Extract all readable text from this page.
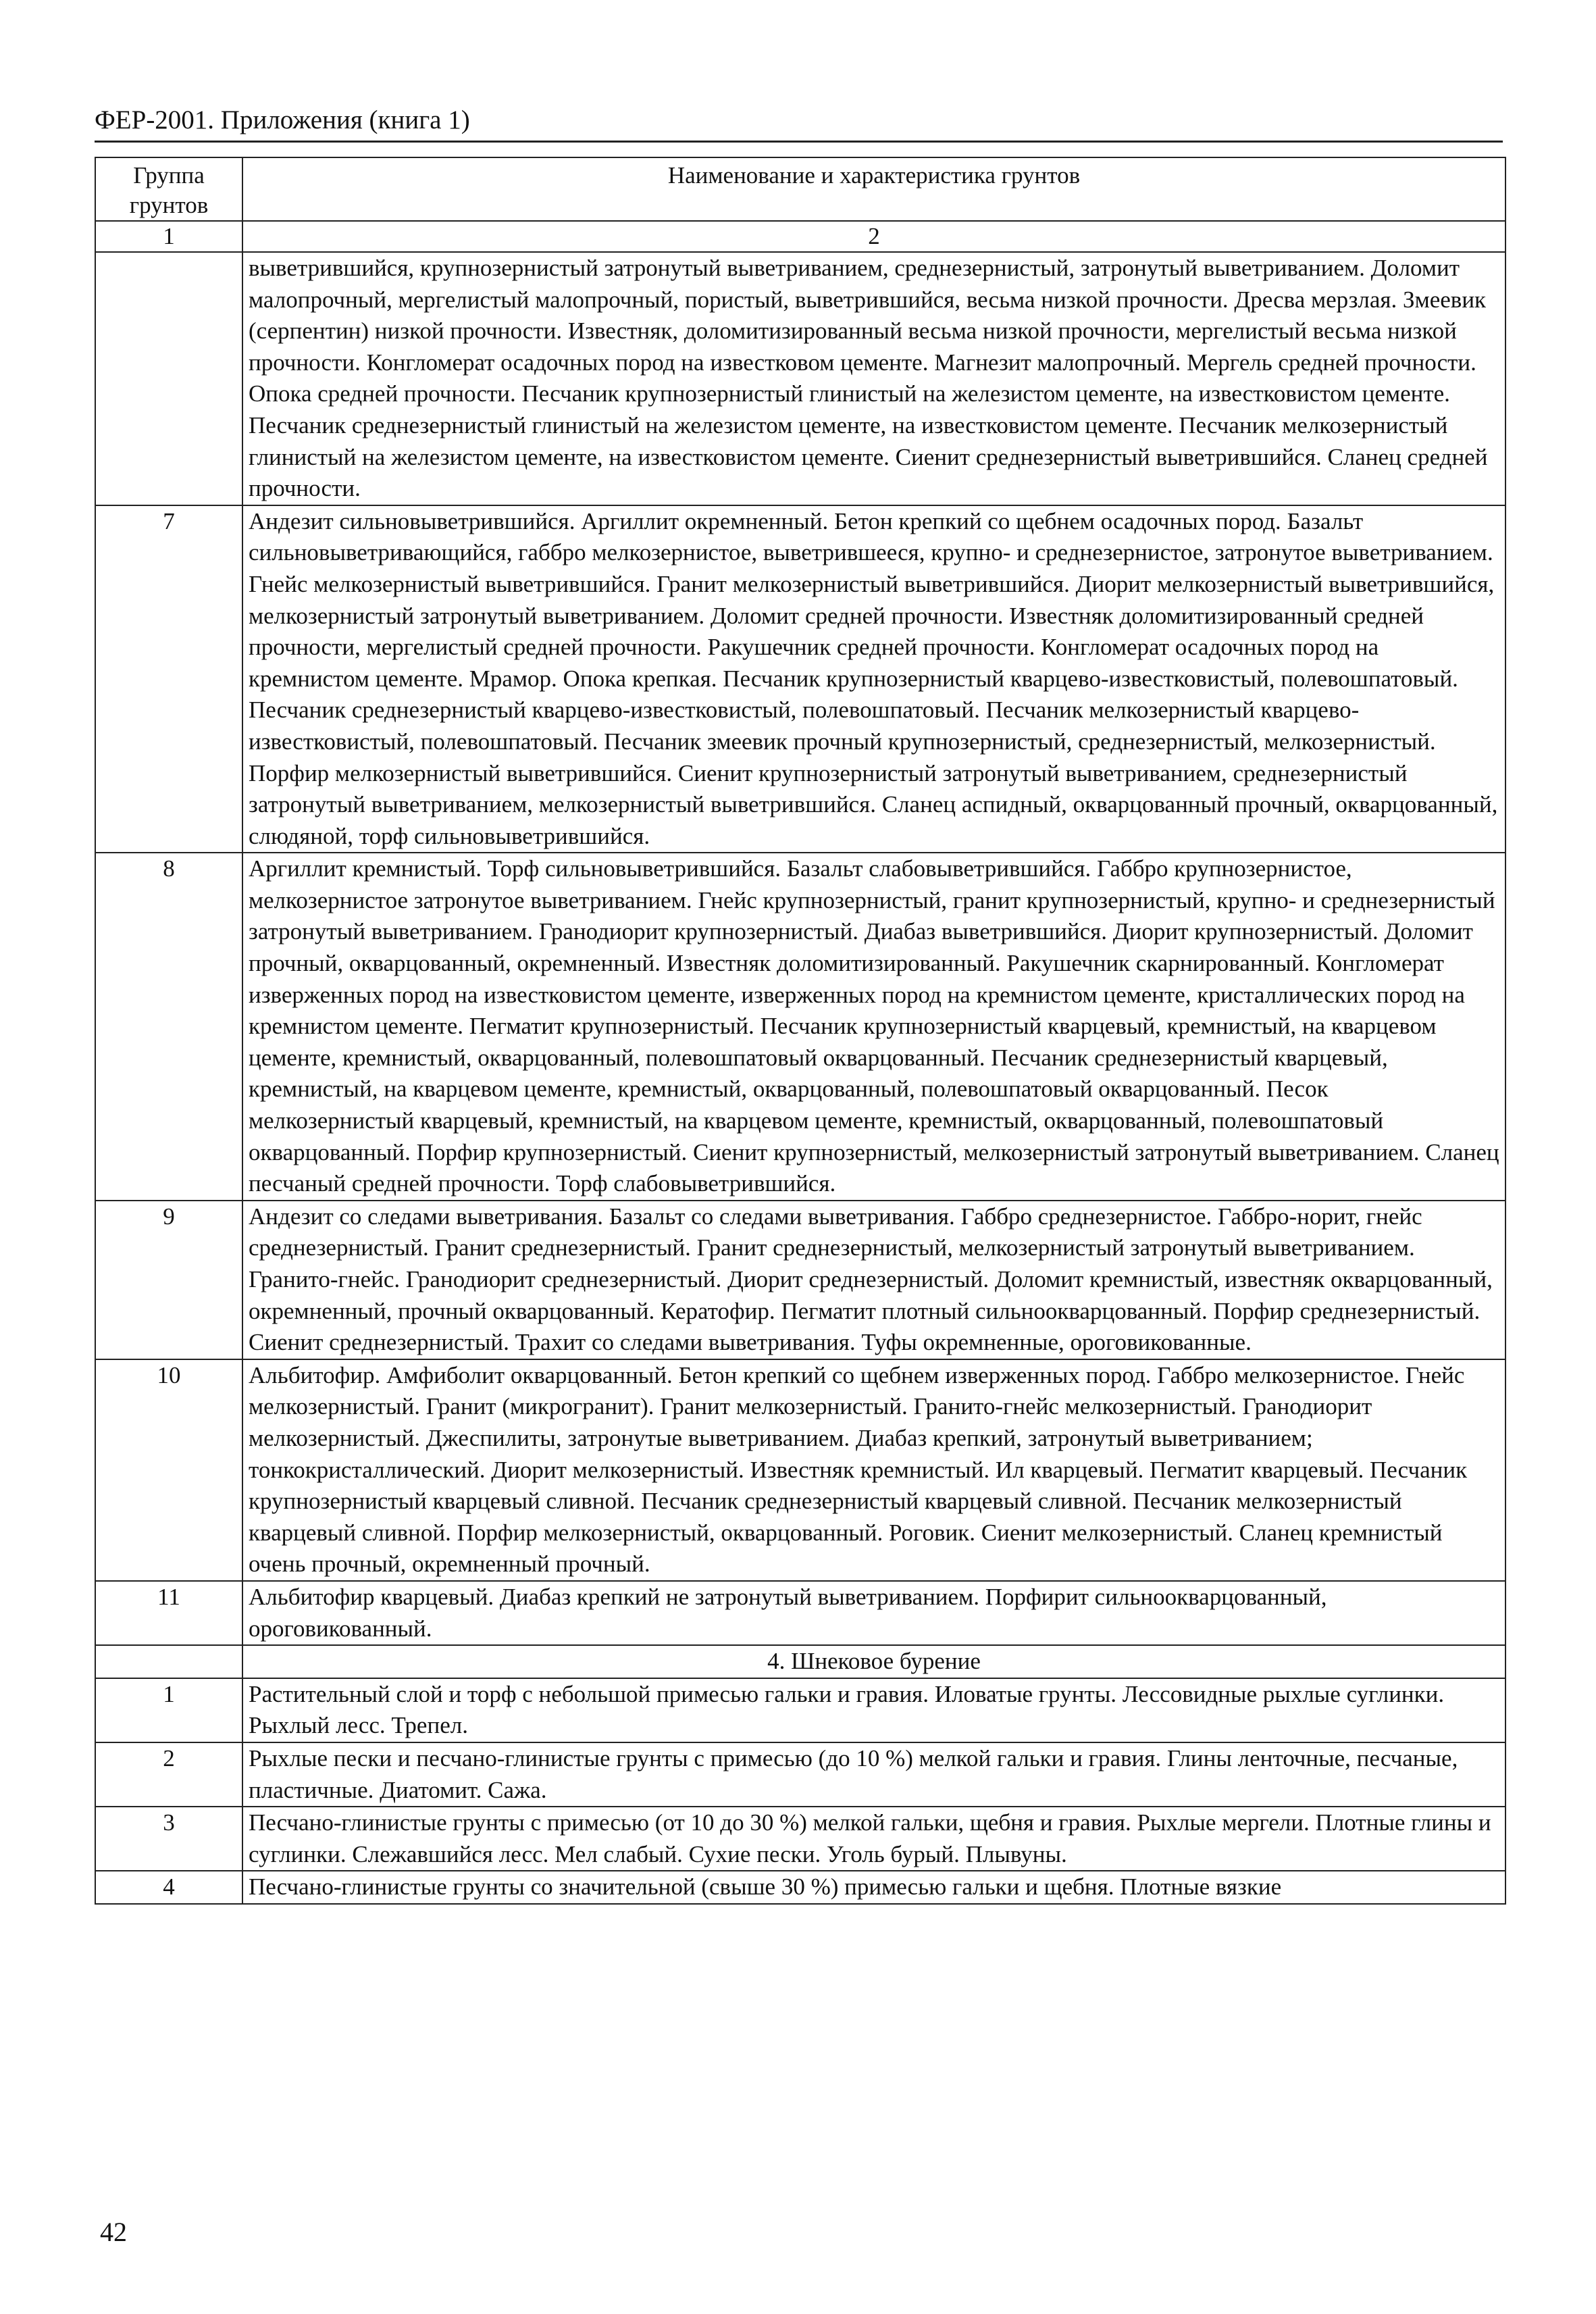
ФЕР-2001. Приложения (книга 1)
Группа грунтов	Наименование и характеристика грунтов
1	2
	выветрившийся, крупнозернистый затронутый выветриванием, среднезернистый, затронутый выветриванием. Доломит малопрочный, мергелистый малопрочный, пористый, выветрившийся, весьма низкой прочности. Дресва мерзлая. Змеевик (серпентин) низкой прочности. Известняк, доломитизированный весьма низкой прочности, мергелистый весьма низкой прочности. Конгломерат осадочных пород на известковом цементе. Магнезит малопрочный. Мергель средней прочности. Опока средней прочности. Песчаник крупнозернистый глинистый на железистом цементе, на известковистом цементе. Песчаник среднезернистый глинистый на железистом цементе, на известковистом цементе. Песчаник мелкозернистый глинистый на железистом цементе, на известковистом цементе. Сиенит среднезернистый выветрившийся. Сланец средней прочности.
7	Андезит сильновыветрившийся. Аргиллит окремненный. Бетон крепкий со щебнем осадочных пород. Базальт сильновыветривающийся, габбро мелкозернистое, выветрившееся, крупно- и среднезернистое, затронутое выветриванием. Гнейс мелкозернистый выветрившийся. Гранит мелкозернистый выветрившийся. Диорит мелкозернистый выветрившийся, мелкозернистый затронутый выветриванием. Доломит средней прочности. Известняк доломитизированный средней прочности, мергелистый средней прочности. Ракушечник средней прочности. Конгломерат осадочных пород на кремнистом цементе. Мрамор. Опока крепкая. Песчаник крупнозернистый кварцево-известковистый, полевошпатовый. Песчаник среднезернистый кварцево-известковистый, полевошпатовый. Песчаник мелкозернистый кварцево-известковистый, полевошпатовый. Песчаник змеевик прочный крупнозернистый, среднезернистый, мелкозернистый. Порфир мелкозернистый выветрившийся. Сиенит крупнозернистый затронутый выветриванием, среднезернистый затронутый выветриванием, мелкозернистый выветрившийся. Сланец аспидный, окварцованный прочный, окварцованный, слюдяной, торф сильновыветрившийся.
8	Аргиллит кремнистый. Торф сильновыветрившийся. Базальт слабовыветрившийся. Габбро крупнозернистое, мелкозернистое затронутое выветриванием. Гнейс крупнозернистый, гранит крупнозернистый, крупно- и среднезернистый затронутый выветриванием. Гранодиорит крупнозернистый. Диабаз выветрившийся. Диорит крупнозернистый. Доломит прочный, окварцованный, окремненный. Известняк доломитизированный. Ракушечник скарнированный. Конгломерат изверженных пород на известковистом цементе, изверженных пород на кремнистом цементе, кристаллических пород на кремнистом цементе. Пегматит крупнозернистый. Песчаник крупнозернистый кварцевый, кремнистый, на кварцевом цементе, кремнистый, окварцованный, полевошпатовый окварцованный. Песчаник среднезернистый кварцевый, кремнистый, на кварцевом цементе, кремнистый, окварцованный, полевошпатовый окварцованный. Песок мелкозернистый кварцевый, кремнистый, на кварцевом цементе, кремнистый, окварцованный, полевошпатовый окварцованный. Порфир крупнозернистый. Сиенит крупнозернистый, мелкозернистый затронутый выветриванием. Сланец песчаный средней прочности. Торф слабовыветрившийся.
9	Андезит со следами выветривания. Базальт со следами выветривания. Габбро среднезернистое. Габбро-норит, гнейс среднезернистый. Гранит среднезернистый. Гранит среднезернистый, мелкозернистый затронутый выветриванием. Гранито-гнейс. Гранодиорит среднезернистый. Диорит среднезернистый. Доломит кремнистый, известняк окварцованный, окремненный, прочный окварцованный. Кератофир. Пегматит плотный сильноокварцованный. Порфир среднезернистый. Сиенит среднезернистый. Трахит со следами выветривания. Туфы окремненные, ороговикованные.
10	Альбитофир. Амфиболит окварцованный. Бетон крепкий со щебнем изверженных пород. Габбро мелкозернистое. Гнейс мелкозернистый. Гранит (микрогранит). Гранит мелкозернистый. Гранито-гнейс мелкозернистый. Гранодиорит мелкозернистый. Джеспилиты, затронутые выветриванием. Диабаз крепкий, затронутый выветриванием; тонкокристаллический. Диорит мелкозернистый. Известняк кремнистый. Ил кварцевый. Пегматит кварцевый. Песчаник крупнозернистый кварцевый сливной. Песчаник среднезернистый кварцевый сливной. Песчаник мелкозернистый кварцевый сливной. Порфир мелкозернистый, окварцованный. Роговик. Сиенит мелкозернистый. Сланец кремнистый очень прочный, окремненный прочный.
11	Альбитофир кварцевый. Диабаз крепкий не затронутый выветриванием. Порфирит сильноокварцованный, ороговикованный.
	4. Шнековое бурение
1	Растительный слой и торф с небольшой примесью гальки и гравия. Иловатые грунты. Лессовидные рыхлые суглинки. Рыхлый лесс. Трепел.
2	Рыхлые пески и песчано-глинистые грунты с примесью (до 10 %) мелкой гальки и гравия. Глины ленточные, песчаные, пластичные. Диатомит. Сажа.
3	Песчано-глинистые грунты с примесью (от 10 до 30 %) мелкой гальки, щебня и гравия. Рыхлые мергели. Плотные глины и суглинки. Слежавшийся лесс. Мел слабый. Сухие пески. Уголь бурый. Плывуны.
4	Песчано-глинистые грунты со значительной (свыше 30 %) примесью гальки и щебня. Плотные вязкие
42
